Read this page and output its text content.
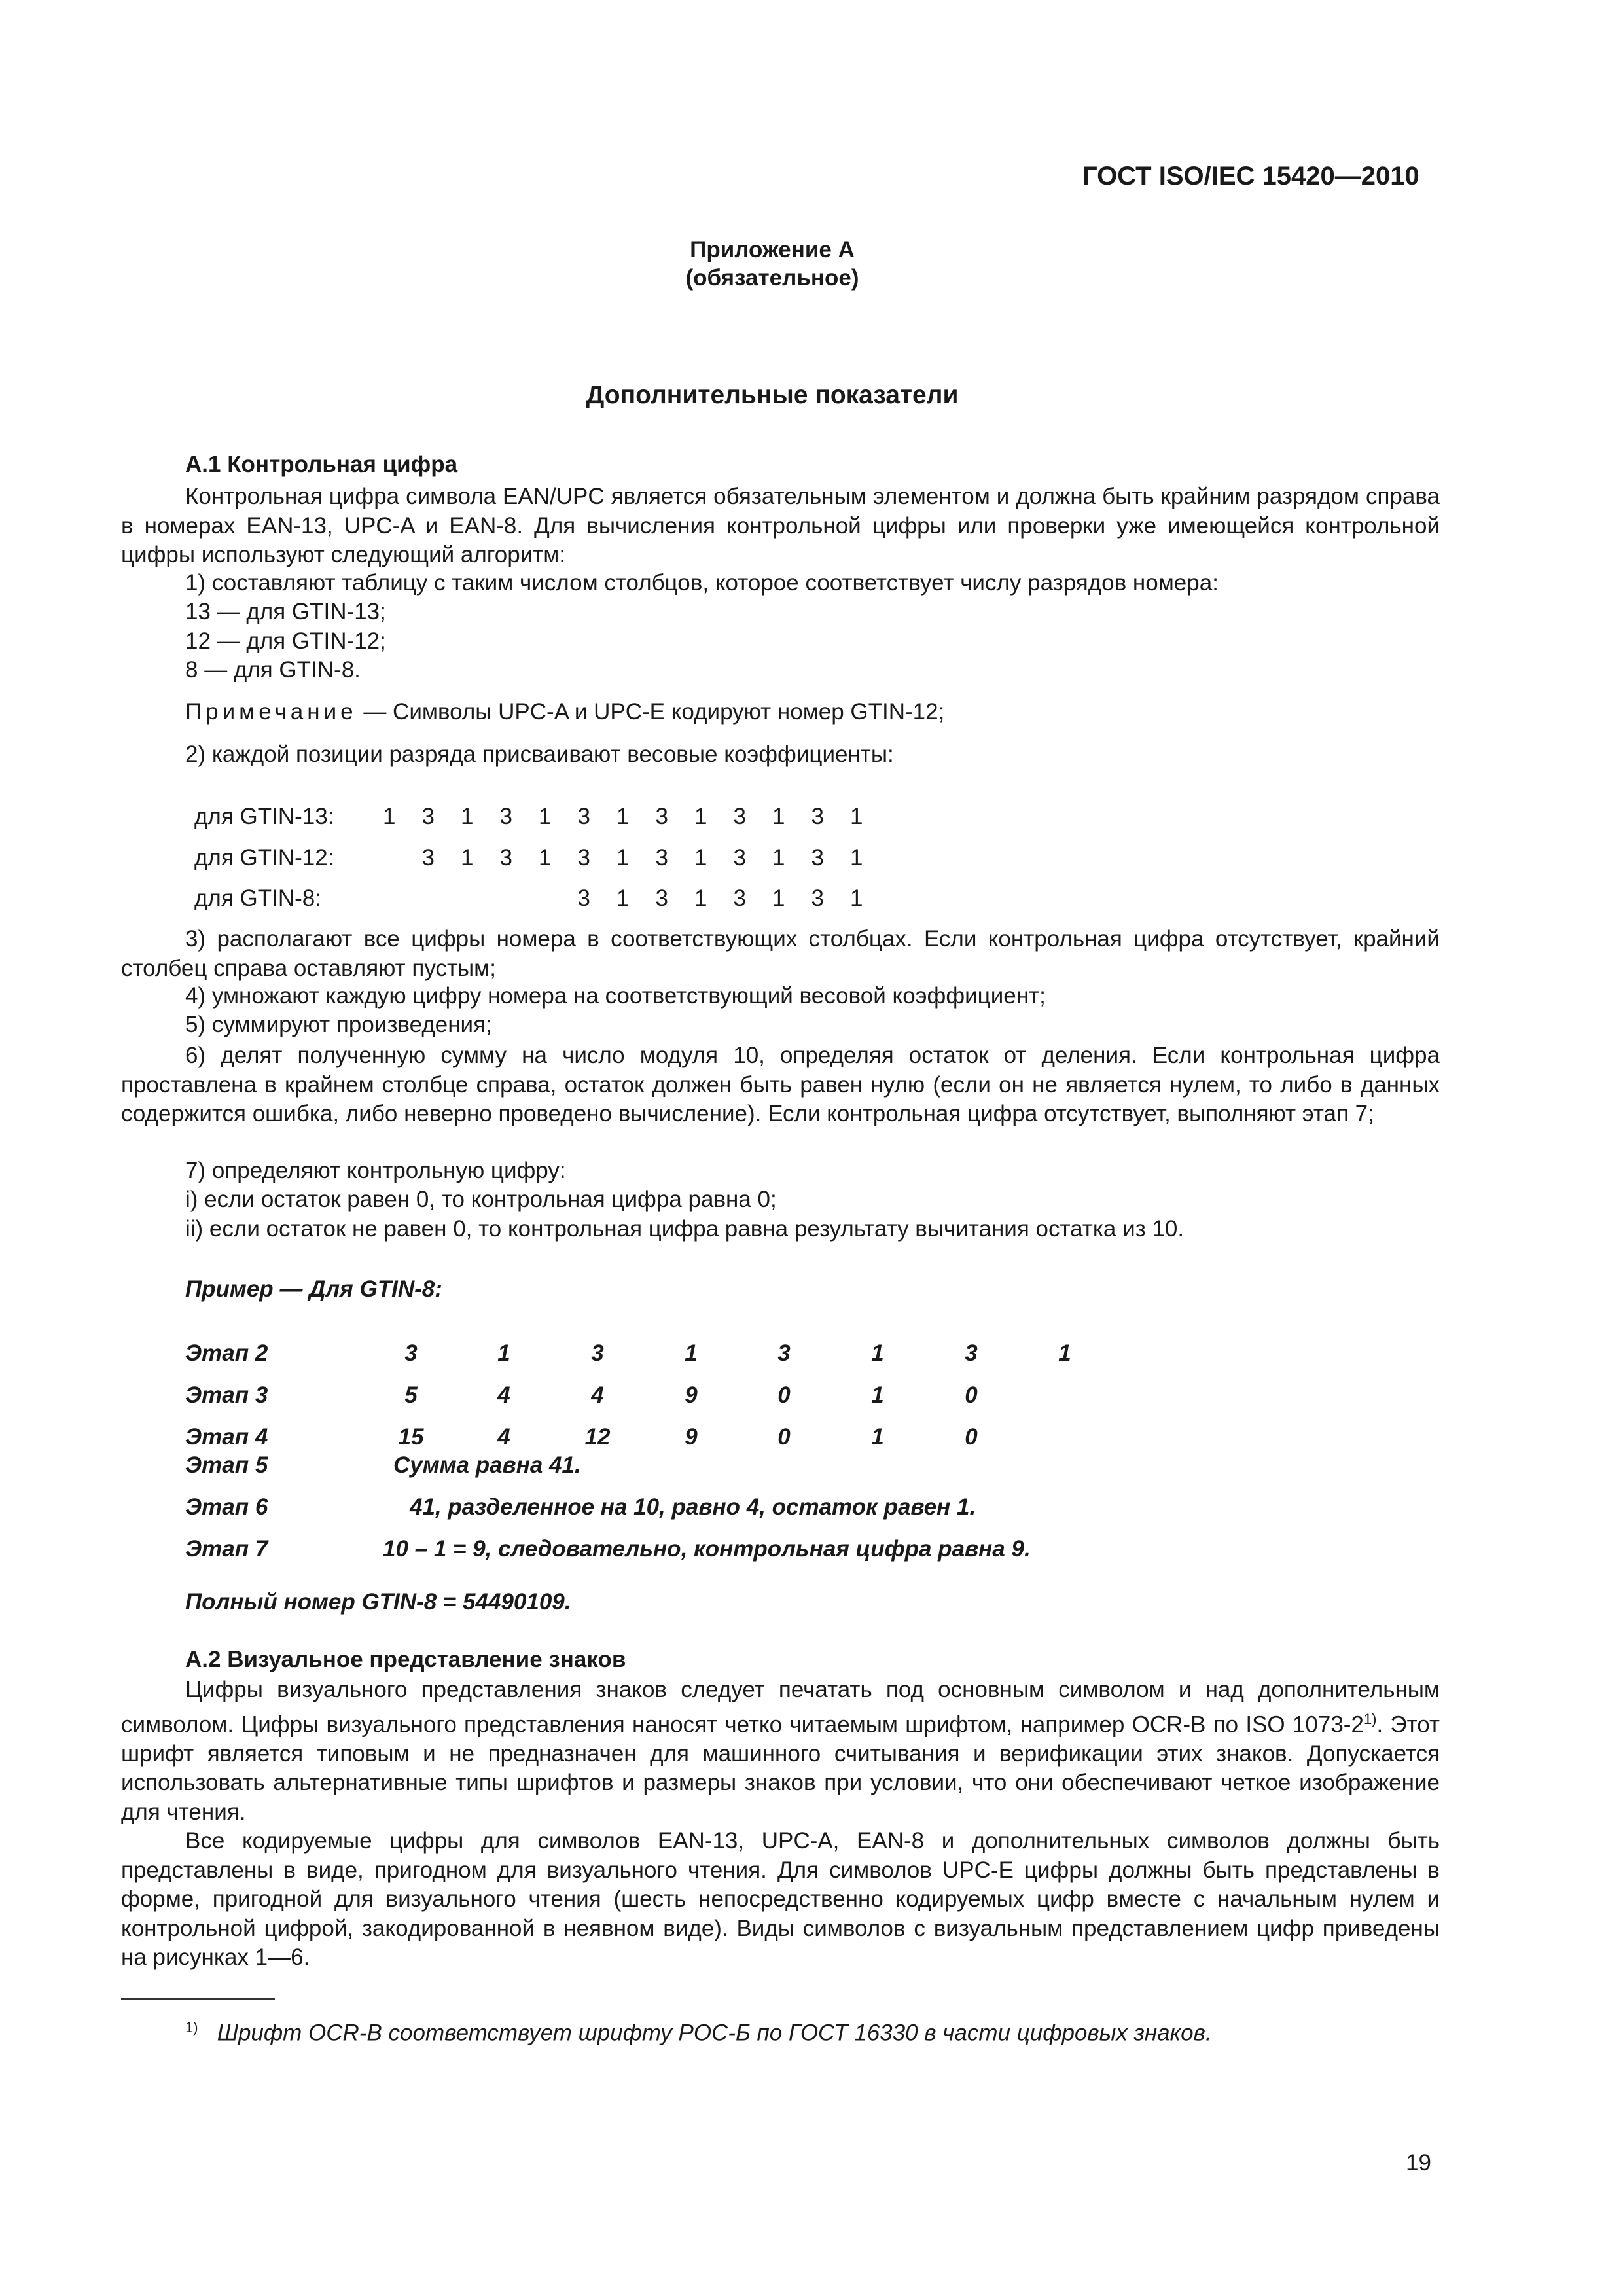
ГОСТ ISO/IEC 15420—2010
Приложение А
(обязательное)
Дополнительные показатели
А.1 Контрольная цифра

Контрольная цифра символа EAN/UPC является обязательным элементом и должна быть крайним разрядом справа в номерах EAN-13, UPC-A и EAN-8. Для вычисления контрольной цифры или проверки уже имеющейся контрольной цифры используют следующий алгоритм:

1) составляют таблицу с таким числом столбцов, которое соответствует числу разрядов номера:
13 — для GTIN-13;
12 — для GTIN-12;
8 — для GTIN-8.
Примечание — Символы UPC-A и UPC-E кодируют номер GTIN-12;
2) каждой позиции разряда присваивают весовые коэффициенты:
для GTIN-13: 1 3 1 3 1 3 1 3 1 3 1 3 1
для GTIN-12:	3 1 3 1 3 1 3 1 3 1 3 1
для GTIN-8:	3 1 3 1 3 1 3 1

3) располагают все цифры номера в соответствующих столбцах. Если контрольная цифра отсутствует, крайний столбец справа оставляют пустым;

4) умножают каждую цифру номера на соответствующий весовой коэффициент;
5) суммируют произведения;

6) делят полученную сумму на число модуля 10, определяя остаток от деления. Если контрольная цифра проставлена в крайнем столбце справа, остаток должен быть равен нулю (если он не является нулем, то либо в данных содержится ошибка, либо неверно проведено вычисление). Если контрольная цифра отсутствует, выполняют этап 7;

7) определяют контрольную цифру:
i) если остаток равен 0, то контрольная цифра равна 0;
ii) если остаток не равен 0, то контрольная цифра равна результату вычитания остатка из 10.
Пример — Для GTIN-8:
Этап 2	3	1	3	1	3	1	3	1
Этап 3	5	4	4	9	0	1	0
Этап 4	15	4	12	9	0	1	0
Этап 5	Сумма равна 41.
Этап 6	41, разделенное на 10, равно 4, остаток равен 1.
Этап 7	10 – 1 = 9, следовательно, контрольная цифра равна 9.
Полный номер GTIN-8 = 54490109.
А.2 Визуальное представление знаков

Цифры визуального представления знаков следует печатать под основным символом и над дополнительным символом. Цифры визуального представления наносят четко читаемым шрифтом, например OCR-B по ISO 1073-2$^{1)}$. Этот шрифт является типовым и не предназначен для машинного считывания и верификации этих знаков. Допускается использовать альтернативные типы шрифтов и размеры знаков при условии, что они обеспечивают четкое изображение для чтения.

Все кодируемые цифры для символов EAN-13, UPC-A, EAN-8 и дополнительных символов должны быть представлены в виде, пригодном для визуального чтения. Для символов UPC-E цифры должны быть представлены в форме, пригодной для визуального чтения (шесть непосредственно кодируемых цифр вместе с начальным нулем и контрольной цифрой, закодированной в неявном виде). Виды символов с визуальным представлением цифр приведены на рисунках 1—6.

$^{1)}$ Шрифт OCR-B соответствует шрифту РОС-Б по ГОСТ 16330 в части цифровых знаков.
19
